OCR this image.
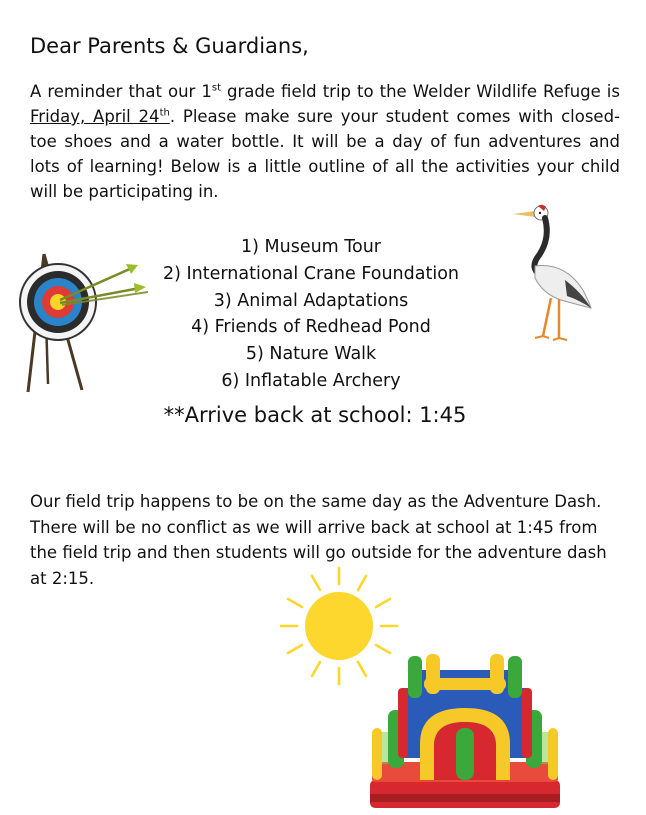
Dear Parents & Guardians,

A reminder that our 1st grade field trip to the Welder Wildlife Refuge is Friday, April 24th. Please make sure your student comes with closed-toe shoes and a water bottle. It will be a day of fun adventures and lots of learning! Below is a little outline of all the activities your child will be participating in.

1) Museum Tour
2) International Crane Foundation
3) Animal Adaptations
4) Friends of Redhead Pond
5) Nature Walk
6) Inflatable Archery

**Arrive back at school: 1:45

Our field trip happens to be on the same day as the Adventure Dash. There will be no conflict as we will arrive back at school at 1:45 from the field trip and then students will go outside for the adventure dash at 2:15.
